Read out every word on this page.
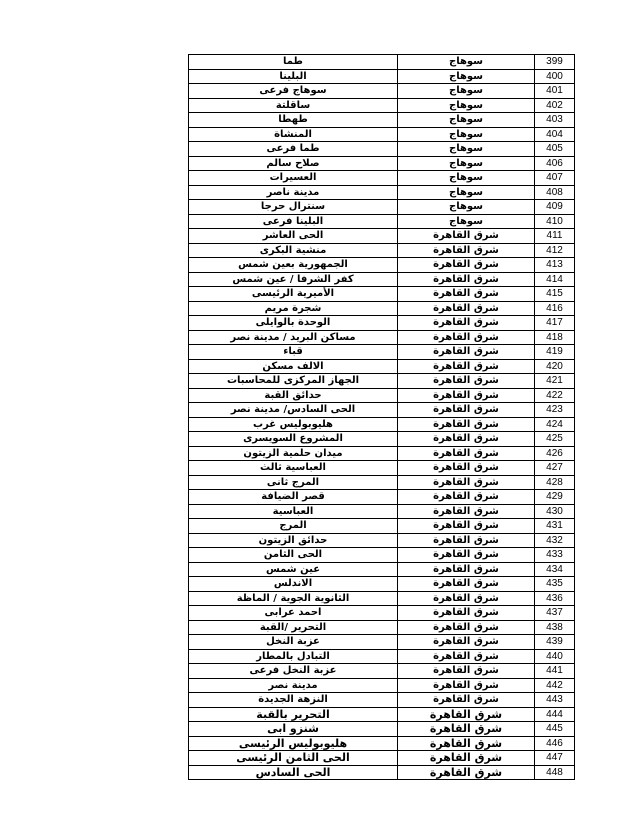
طما	سوهاج	399
البلينا	سوهاج	400
سوهاج فرعى	سوهاج	401
ساقلتة	سوهاج	402
طهطا	سوهاج	403
المنشاة	سوهاج	404
طما فرعى	سوهاج	405
صلاح سالم	سوهاج	406
العسيرات	سوهاج	407
مدينة ناصر	سوهاج	408
سنترال حرجا	سوهاج	409
البلينا فرعى	سوهاج	410
الحى العاشر	شرق القاهرة	411
منشية البكرى	شرق القاهرة	412
الجمهورية بعين شمس	شرق القاهرة	413
كفر الشرفا / عين شمس	شرق القاهرة	414
الأميرية الرئيسى	شرق القاهرة	415
شجرة مريم	شرق القاهرة	416
الوحدة بالوايلى	شرق القاهرة	417
مساكن البريد / مدينة نصر	شرق القاهرة	418
قباء	شرق القاهرة	419
الالف مسكن	شرق القاهرة	420
الجهاز المركزى للمحاسبات	شرق القاهرة	421
حدائق القبة	شرق القاهرة	422
الحى السادس/ مدينة نصر	شرق القاهرة	423
هليوبوليس غرب	شرق القاهرة	424
المشروع السويسرى	شرق القاهرة	425
ميدان حلمية الزيتون	شرق القاهرة	426
العباسية ثالث	شرق القاهرة	427
المرج ثانى	شرق القاهرة	428
قصر الضيافة	شرق القاهرة	429
العباسية	شرق القاهرة	430
المرج	شرق القاهرة	431
حدائق الزيتون	شرق القاهرة	432
الحى الثامن	شرق القاهرة	433
عين شمس	شرق القاهرة	434
الاندلس	شرق القاهرة	435
الثانوية الجوية / الماظة	شرق القاهرة	436
احمد عرابى	شرق القاهرة	437
التحرير /القبة	شرق القاهرة	438
عزبة النخل	شرق القاهرة	439
التبادل بالمطار	شرق القاهرة	440
عزبة النخل فرعى	شرق القاهرة	441
مدينة نصر	شرق القاهرة	442
النزهة الجديدة	شرق القاهرة	443
التحرير بالقبة	شرق القاهرة	444
شنزو ابى	شرق القاهرة	445
هليوبوليس الرئيسى	شرق القاهرة	446
الحى الثامن الرئيسى	شرق القاهرة	447
الحى السادس	شرق القاهرة	448
